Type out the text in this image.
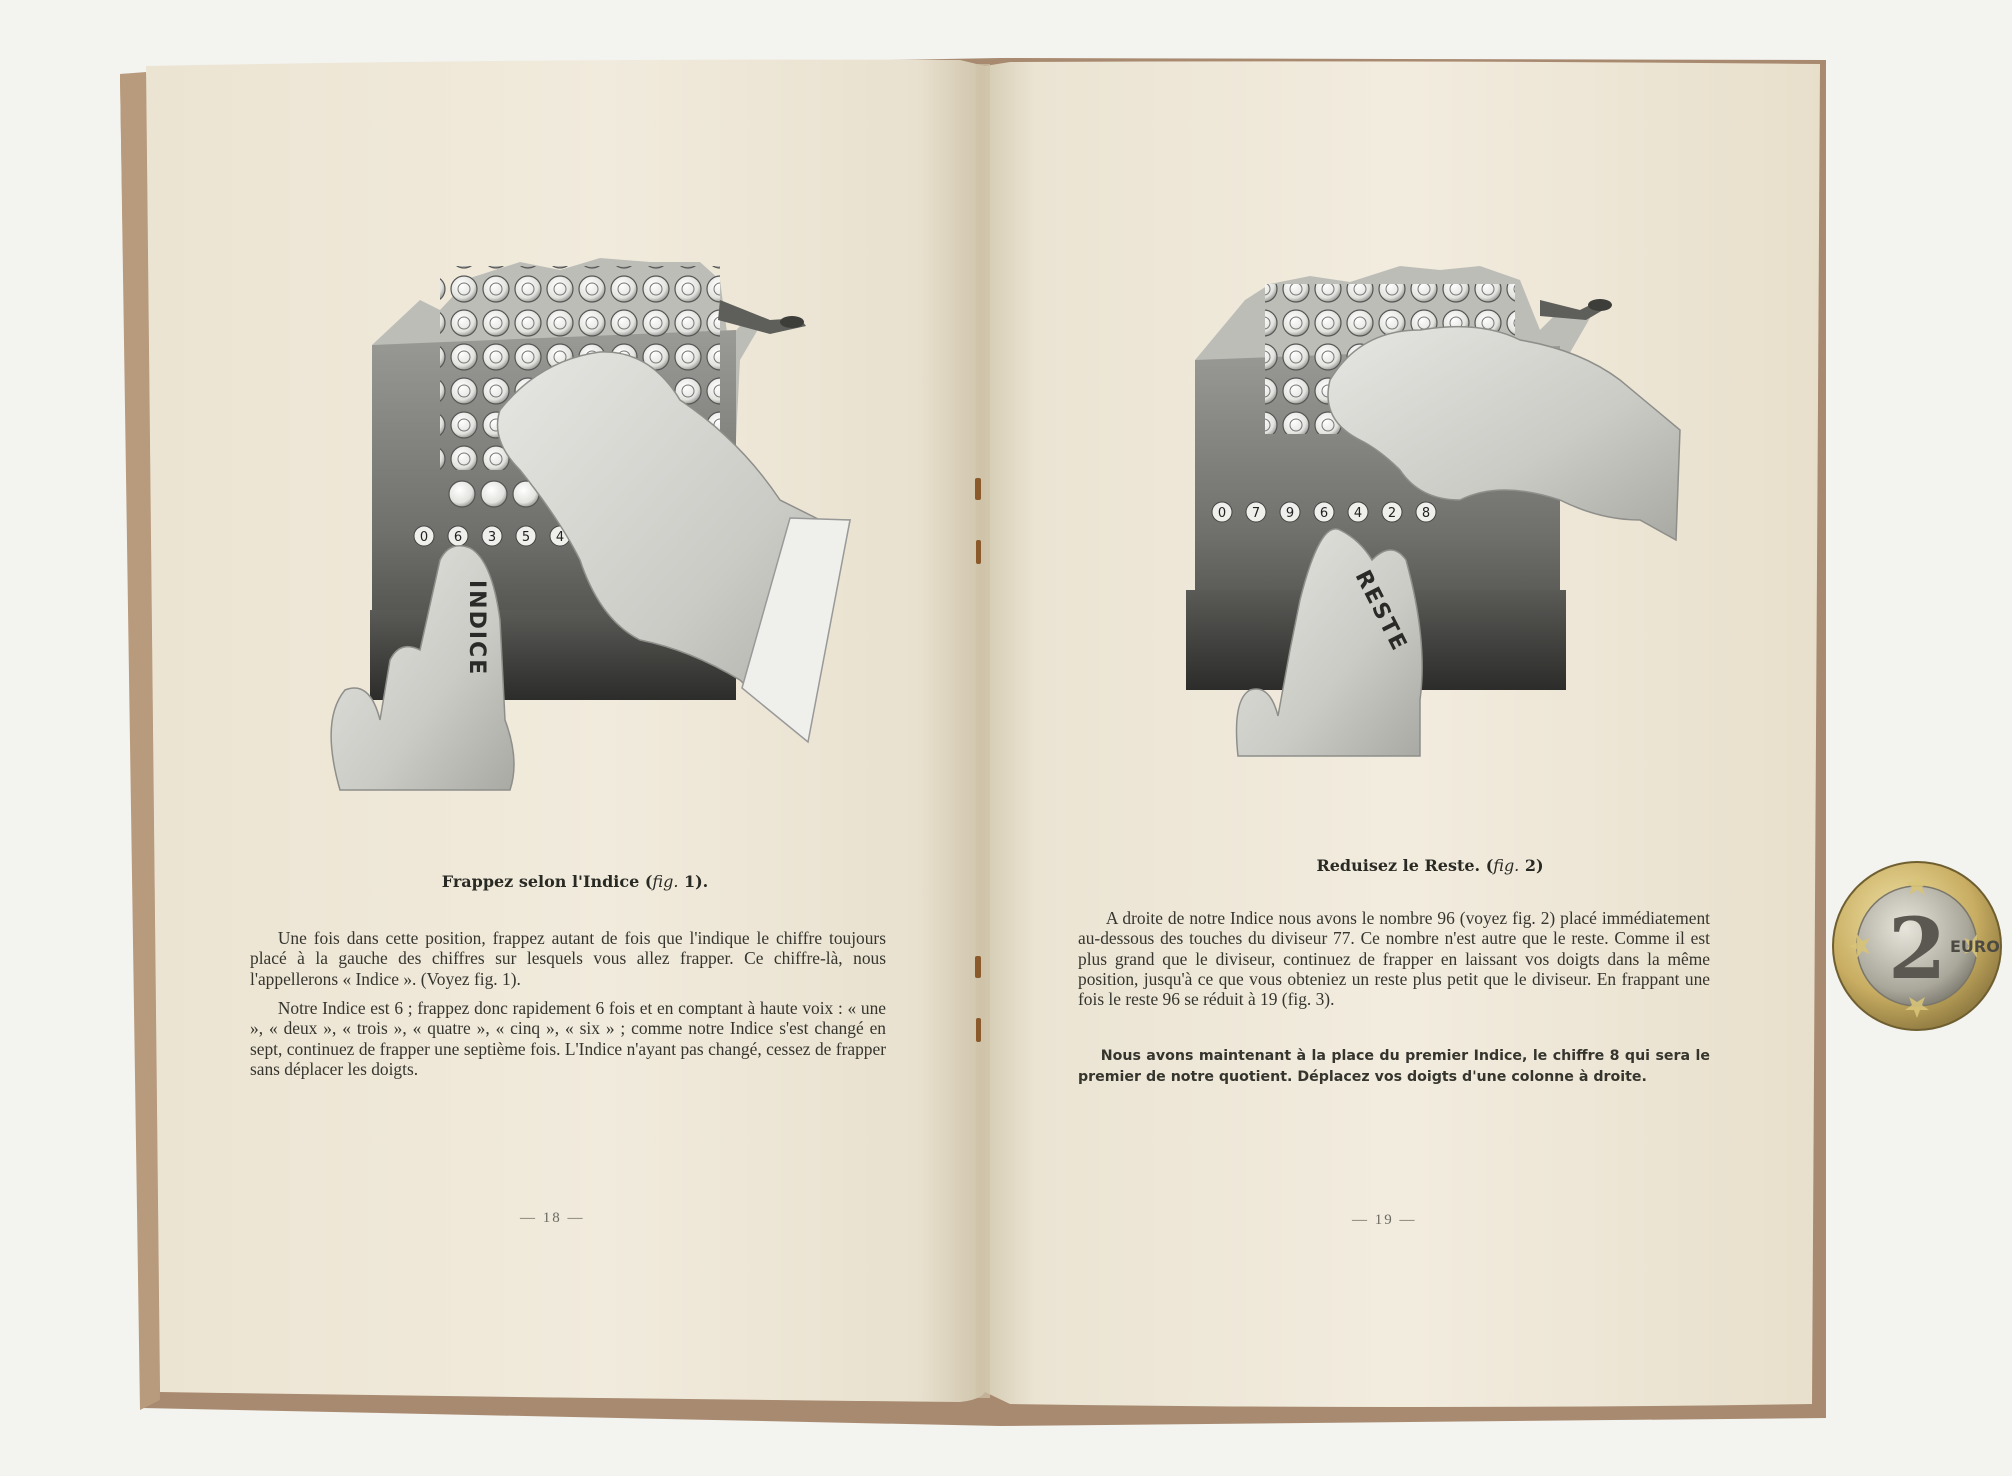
0 6 3 5 4
INDICE
0 7 9 6 4 2 8
RESTE
2 EURO
Frappez selon l'Indice (fig. 1).

Une fois dans cette position, frappez autant de fois que l'indique le chiffre toujours placé à la gauche des chiffres sur lesquels vous allez frapper. Ce chiffre-là, nous l'appellerons « Indice ». (Voyez fig. 1).

Notre Indice est 6 ; frappez donc rapidement 6 fois et en comptant à haute voix : « une », « deux », « trois », « quatre », « cinq », « six » ; comme notre Indice s'est changé en sept, continuez de frapper une septième fois. L'Indice n'ayant pas changé, cessez de frapper sans déplacer les doigts.

— 18 —
Reduisez le Reste. (fig. 2)

A droite de notre Indice nous avons le nombre 96 (voyez fig. 2) placé immédiatement au-dessous des touches du diviseur 77. Ce nombre n'est autre que le reste. Comme il est plus grand que le diviseur, continuez de frapper en laissant vos doigts dans la même position, jusqu'à ce que vous obteniez un reste plus petit que le diviseur. En frappant une fois le reste 96 se réduit à 19 (fig. 3).

Nous avons maintenant à la place du premier Indice, le chiffre 8 qui sera le premier de notre quotient. Déplacez vos doigts d'une colonne à droite.

— 19 —
